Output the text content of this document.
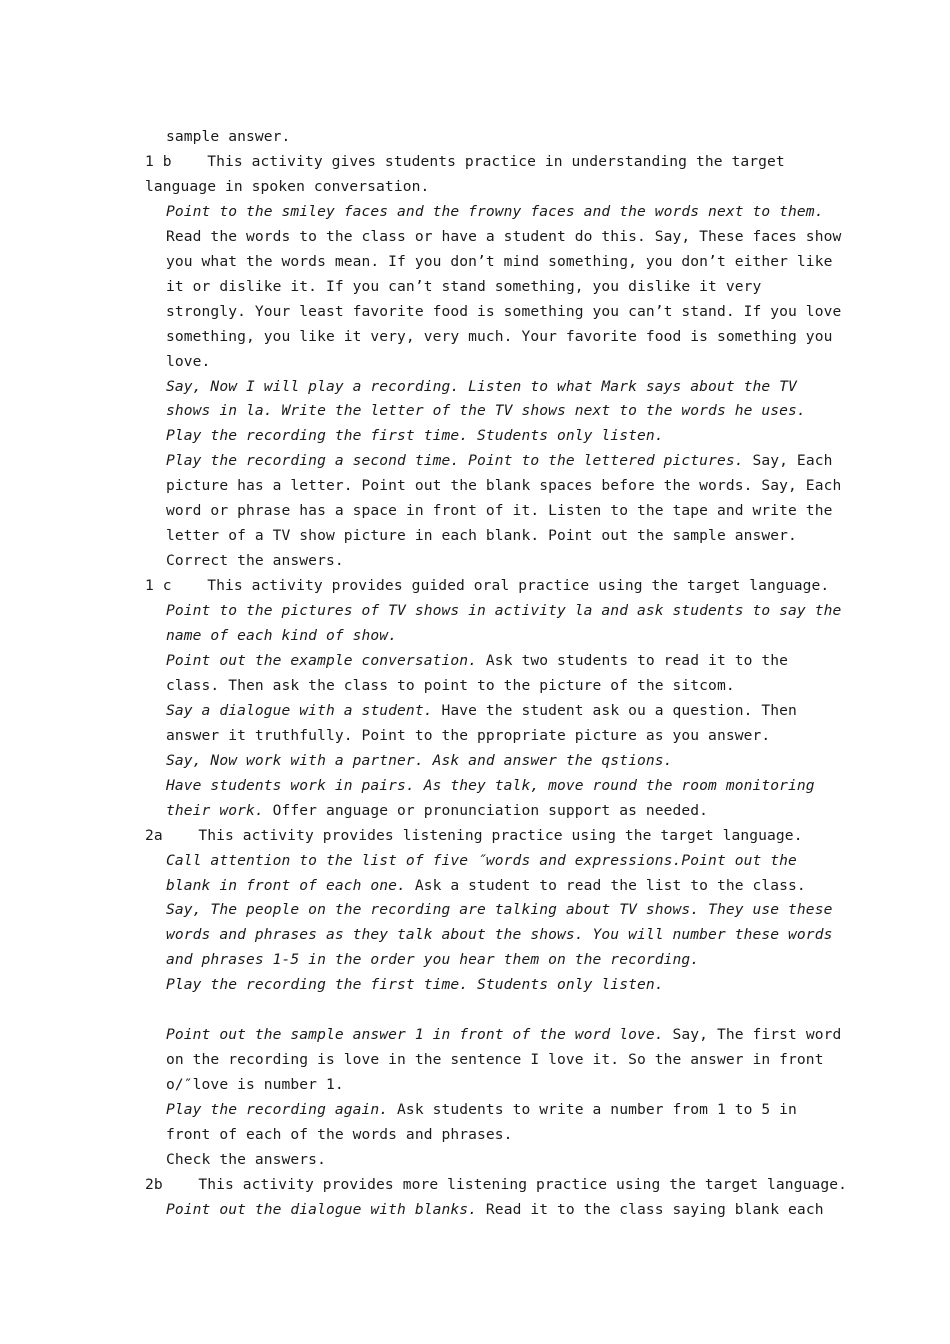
sample answer.
1 b    This activity gives students practice in understanding the target
language in spoken conversation.
Point to the smiley faces and the frowny faces and the words next to them.
Read the words to the class or have a student do this. Say, These faces show
you what the words mean. If you don’t mind something, you don’t either like
it or dislike it. If you can’t stand something, you dislike it very
strongly. Your least favorite food is something you can’t stand. If you love
something, you like it very, very much. Your favorite food is something you
love.
Say, Now I will play a recording. Listen to what Mark says about the TV
shows in la. Write the letter of the TV shows next to the words he uses.
Play the recording the first time. Students only listen.
Play the recording a second time. Point to the lettered pictures. Say, Each
picture has a letter. Point out the blank spaces before the words. Say, Each
word or phrase has a space in front of it. Listen to the tape and write the
letter of a TV show picture in each blank. Point out the sample answer.
Correct the answers.
1 c    This activity provides guided oral practice using the target language.
Point to the pictures of TV shows in activity la and ask students to say the
name of each kind of show.
Point out the example conversation. Ask two students to read it to the
class. Then ask the class to point to the picture of the sitcom.
Say a dialogue with a student. Have the student ask ou a question. Then
answer it truthfully. Point to the ppropriate picture as you answer.
Say, Now work with a partner. Ask and answer the qstions.
Have students work in pairs. As they talk, move round the room monitoring
their work. Offer anguage or pronunciation support as needed.
2a    This activity provides listening practice using the target language.
Call attention to the list of five ″words and expressions.Point out the
blank in front of each one. Ask a student to read the list to the class.
Say, The people on the recording are talking about TV shows. They use these
words and phrases as they talk about the shows. You will number these words
and phrases 1-5 in the order you hear them on the recording.
Play the recording the first time. Students only listen.
Point out the sample answer 1 in front of the word love. Say, The first word
on the recording is love in the sentence I love it. So the answer in front
o/″love is number 1.
Play the recording again. Ask students to write a number from 1 to 5 in
front of each of the words and phrases.
Check the answers.
2b    This activity provides more listening practice using the target language.
Point out the dialogue with blanks. Read it to the class saying blank each
